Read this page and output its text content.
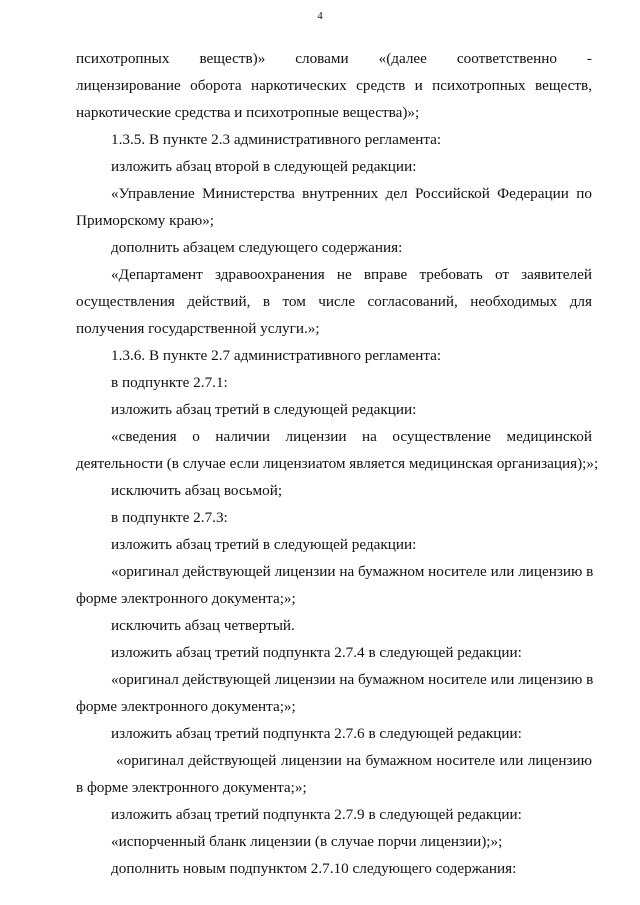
4
психотропных веществ)» словами «(далее соответственно -
лицензирование оборота наркотических средств и психотропных веществ,
наркотические средства и психотропные вещества)»;
1.3.5. В пункте 2.3 административного регламента:
изложить абзац второй в следующей редакции:
«Управление Министерства внутренних дел Российской Федерации по
Приморскому краю»;
дополнить абзацем следующего содержания:
«Департамент здравоохранения не вправе требовать от заявителей
осуществления действий, в том числе согласований, необходимых для
получения государственной услуги.»;
1.3.6. В пункте 2.7 административного регламента:
в подпункте 2.7.1:
изложить абзац третий в следующей редакции:
«сведения о наличии лицензии на осуществление медицинской
деятельности (в случае если лицензиатом является медицинская организация);»;
исключить абзац восьмой;
в подпункте 2.7.3:
изложить абзац третий в следующей редакции:
«оригинал действующей лицензии на бумажном носителе или лицензию в
форме электронного документа;»;
исключить абзац четвертый.
изложить абзац третий подпункта 2.7.4 в следующей редакции:
«оригинал действующей лицензии на бумажном носителе или лицензию в
форме электронного документа;»;
изложить абзац третий подпункта 2.7.6 в следующей редакции:
«оригинал действующей лицензии на бумажном носителе или лицензию
в форме электронного документа;»;
изложить абзац третий подпункта 2.7.9 в следующей редакции:
«испорченный бланк лицензии (в случае порчи лицензии);»;
дополнить новым подпунктом 2.7.10 следующего содержания:
